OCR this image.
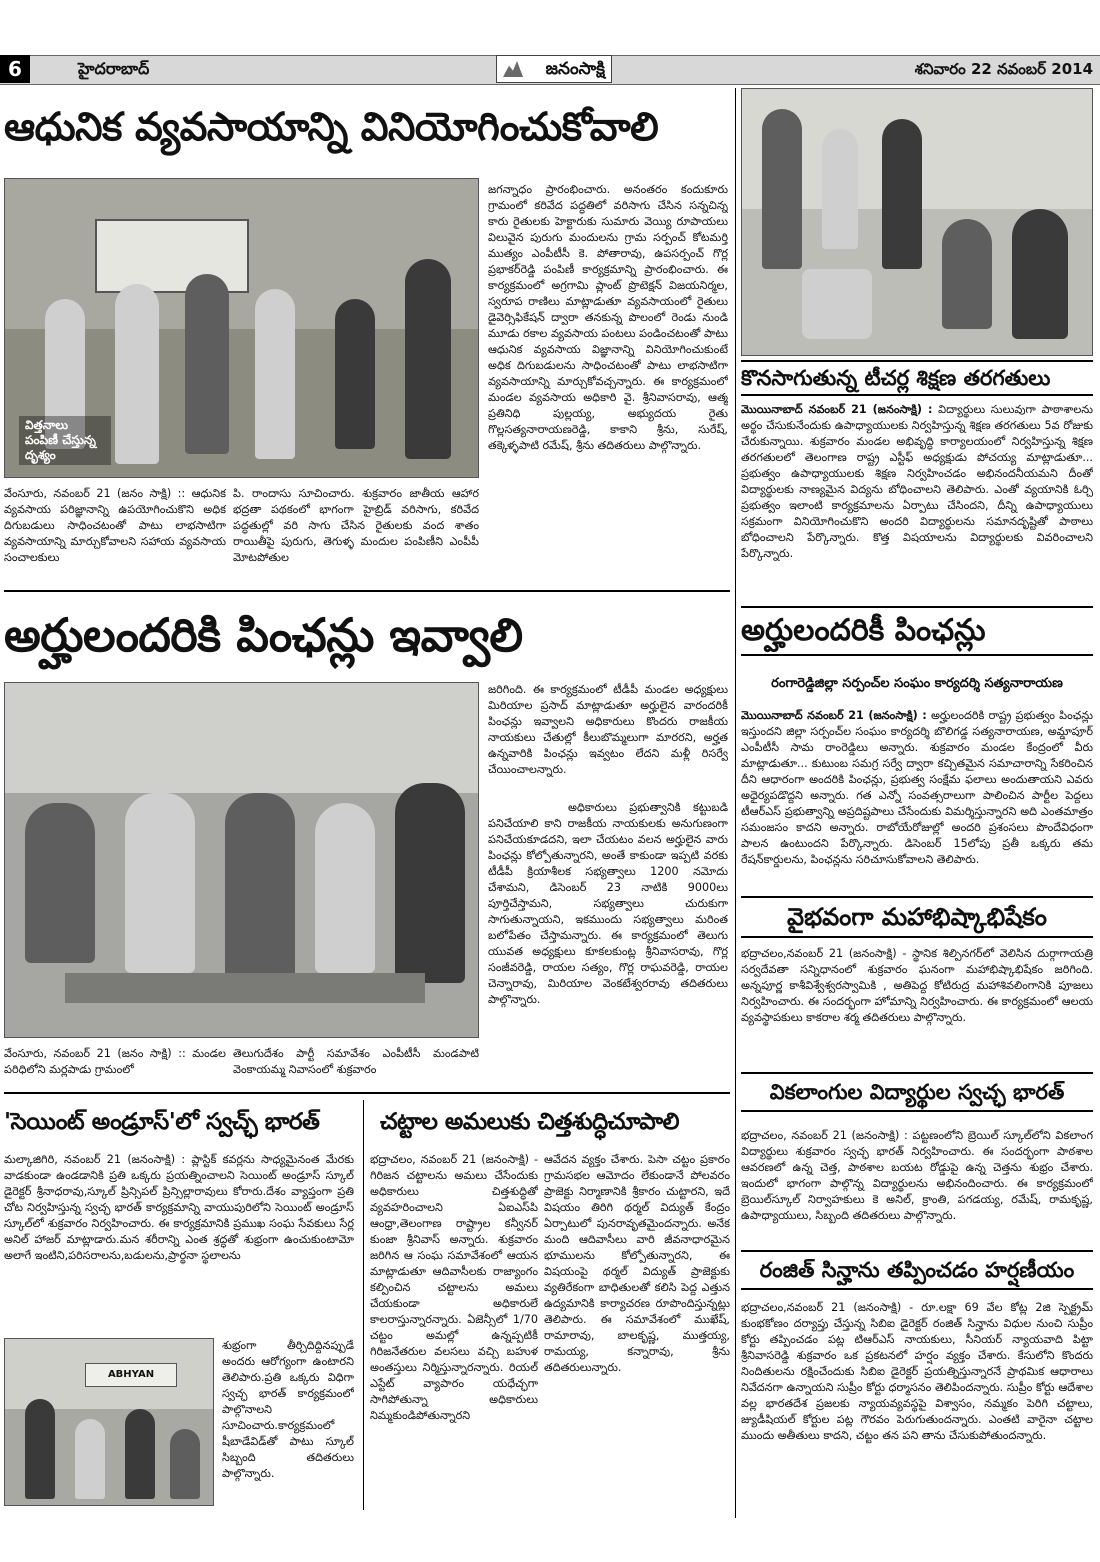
6	హైదరాబాద్	జనంసాక్షి	శనివారం 22 నవంబర్ 2014
ఆధునిక వ్యవసాయాన్ని వినియోగించుకోవాలి
విత్తనాలు పంపిణీ చేస్తున్న దృశ్యం
వేంసూరు, నవంబర్ 21 (జనం సాక్షి) :: ఆధునిక వ్యవసాయ పరిజ్ఞానాన్ని ఉపయోగించుకొని అధిక దిగుబడులు సాధించటంతో పాటు లాభసాటిగా వ్యవసాయాన్ని మార్చుకోవాలని సహాయ వ్యవసాయ సంచాలకులు
పి. రాందాసు సూచించారు. శుక్రవారం జాతీయ ఆహార భద్రతా పథకంలో భాగంగా హైబ్రిడ్ వరిసాగు, కరివేద పద్ధతుల్లో వరి సాగు చేసిన రైతులకు వంద శాతం రాయితీపై పురుగు, తెగుళ్ళ మందుల పంపిణీని ఎంపీపీ మోటపోతుల
జగన్నాధం ప్రారంభించారు. అనంతరం కందుకూరు గ్రామంలో కరివేద పద్ధతిలో వరిసాగు చేసిన సన్నచిన్న కారు రైతులకు హెక్టారుకు సుమారు వెయ్యి రూపాయలు విలువైన పురుగు మందులను గ్రామ సర్పంచ్ కోటమర్తి ముత్యం ఎంపీటీసీ కె. పోతారావు, ఉపసర్పంచ్ గొర్ల ప్రభాకర్‌రెడ్డి పంపిణీ కార్యక్రమాన్ని ప్రారంభించారు. ఈ కార్యక్రమంలో అగ్రగామి ప్లాంట్ ప్రొటెక్షన్ విజయనిర్మల, స్వరూప రాణిలు మాట్లాడుతూ వ్యవసాయంలో రైతులు డైవెర్సిఫికేషన్ ద్వారా తనకున్న పొలంలో రెండు నుండి మూడు రకాల వ్యవసాయ పంటలు పండించటంతో పాటు ఆధునిక వ్యవసాయ విజ్ఞానాన్ని వినియోగించుకుంటే అధిక దిగుబడులను సాధించటంతో పాటు లాభసాటిగా వ్యవసాయాన్ని మార్చుకోవచ్చన్నారు. ఈ కార్యక్రమంలో మండల వ్యవసాయ అధికారి వై. శ్రీనివాసరావు, ఆత్మ ప్రతినిధి పుల్లయ్య, అభ్యుదయ రైతు గొల్లసత్యనారాయణరెడ్డి, కాకాని శ్రీను, సురేష్, తక్కెళ్ళపాటి రమేష్, శ్రీను తదితరులు పాల్గొన్నారు.
కొనసాగుతున్న టీచర్ల శిక్షణ తరగతులు
మొయినాబాద్‌ నవంబర్ 21 (జనంసాక్షి) : విద్యార్థులు సులువుగా పాఠాశాలను అర్థం చేసుకునేందుకు ఉపాధ్యాయులకు నిర్వహిస్తున్న శిక్షణ తరగతులు 5వ రోజుకు చేరుకున్నాయి. శుక్రవారం మండల అభివృద్ధి కార్యాలయంలో నిర్వహిస్తున్న శిక్షణ తరగతులలో తెలంగాణ రాష్ట్ర ఎస్టీఫ్ అధ్యక్షుడు పోచయ్య మాట్లాడుతూ... ప్రభుత్వం ఉపాధ్యాయులకు శిక్షణ నిర్వహించడం అభినందనీయమని దీంతో విద్యార్థులకు నాణ్యమైన విద్యను బోధించాలని తెలిపారు. ఎంతో వ్యయానికి ఓర్చి ప్రభుత్వం ఇలాంటి కార్యక్రమాలను ఏర్పాటు చేసిందని, దీన్ని ఉపాధ్యాయులు సక్రమంగా వినియోగించుకొని అందరి విద్యార్థులను సమానదృష్టితో పాఠాలు బోధించాలని పేర్కొన్నారు. కొత్త విషయాలను విద్యార్థులకు వివరించాలని పేర్కొన్నారు.
అర్హులందరికీ పింఛన్లు
రంగారెడ్డిజిల్లా సర్పంచ్‌ల సంఘం కార్యదర్శి సత్యనారాయణ
మొయినాబాద్‌ నవంబర్ 21 (జనంసాక్షి) : అర్హులందరికి రాష్ట్ర ప్రభుత్వం పింఛన్లు ఇస్తుందని జిల్లా సర్పంచ్‌ల సంఘం కార్యదర్శి బొలిగడ్డ సత్యనారాయణ, అమ్డాపూర్ ఎంపీటీసీ సామ రాంరెడ్డిలు అన్నారు. శుక్రవారం మండల కేంద్రంలో వీరు మాట్లాడుతూ... కుటుంబ సమగ్ర సర్వే ద్వారా కచ్చితమైన సమాచారాన్ని సేకరించిన దీని ఆధారంగా అందరికి పింఛన్లు, ప్రభుత్వ సంక్షేమ ఫలాలు అందుతాయని ఎవరు అధైర్యపడొద్దని అన్నారు. గత ఎన్నో సంవత్సరాలుగా పాలించిన పార్టీల పెద్దలు టీఆర్ఎస్ ప్రభుత్వాన్ని అప్రదిష్టపాలు చేసేందుకు విమర్శిస్తున్నారని అది ఎంతమాత్రం సమంజసం కాదని అన్నారు. రాబోయేరోజుల్లో అందరి ప్రశంసలు పొందేవిధంగా పాలన ఉంటుందని పేర్కొన్నారు. డిసెంబర్ 15లోపు ప్రతీ ఒక్కరు తమ రేషన్‌కార్డులను, పింఛన్లను సరిచూసుకోవాలని తెలిపారు.
వైభవంగా మహాభిష్కాభిషేకం
భద్రాచలం,నవంబర్ 21 (జనంసాక్షి) - స్థానిక శిల్పినగర్‌లో వెలిసిన దుర్గాగాయత్రి సర్వదేవతా సన్నిధానంలో శుక్రవారం ఘనంగా మహాభిష్కాభిషేకం జరిగింది. అన్నపూర్ణ కాశీవిశ్వేశ్వరస్వామికి , అతిపెద్ద కోటిరుద్ర మహాశివలింగానికి పూజలు నిర్వహించారు. ఈ సందర్భంగా హోమాన్ని నిర్వహించారు. ఈ కార్యక్రమంలో ఆలయ వ్యవస్థాపకులు కాకరాల శర్మ తదితరులు పాల్గొన్నారు.
వికలాంగుల విద్యార్థుల స్వచ్ఛ భారత్
భద్రాచలం, నవంబర్ 21 (జనంసాక్షి) : పట్టణంలోని బ్రెయిల్ స్కూల్‌లోని వికలాంగ విద్యార్థులు శుక్రవారం స్వచ్ఛ భారత్ నిర్వహించారు. ఈ సందర్భంగా పాఠశాల ఆవరణలో ఉన్న చెత్త, పాఠశాల బయట రోడ్డుపై ఉన్న చెత్తను శుభ్రం చేశారు. ఇందులో భాగంగా పాల్గొన్న విద్యార్థులను అభినందించారు. ఈ కార్యక్రమంలో బ్రెయిల్‌స్కూల్ నిర్వాహకులు కె అనిల్, క్రాంతి, పగడయ్య, రమేష్, రామకృష్ణ, ఉపాధ్యాయులు, సిబ్బంది తదితరులు పాల్గొన్నారు.
రంజిత్ సిన్హాను తప్పించడం హర్షణీయం
భద్రాచలం,నవంబర్ 21 (జనంసాక్షి) - రూ.లక్షా 69 వేల కోట్ల 2జి స్పెక్ట్రమ్ కుంభకోణం దర్యాప్తు చేస్తున్న సిబిఐ డైరెక్టర్ రంజిత్ సిన్హాను విధుల నుంచి సుప్రీం కోర్టు తప్పించడం పట్ల టిఆర్ఎస్ నాయకులు, సీనియర్ న్యాయవాది పిట్టా శ్రీనివాసరెడ్డి శుక్రవారం ఒక ప్రకటనలో హర్షం వ్యక్తం చేశారు. కేసులోని కొందరు నిందితులను రక్షించేందుకు సిబిఐ డైరెక్టర్ ప్రయత్నిస్తున్నారనే ప్రాథమిక ఆధారాలు నివేదనగా ఉన్నాయని సుప్రీం కోర్టు ధర్మాసనం తెలిపిందన్నారు. సుప్రీం కోర్టు ఆదేశాల వల్ల భారతదేశ ప్రజలకు న్యాయవ్యవస్థపై విశ్వాసం, నమ్మకం పెరిగి చట్టాలు, జ్యుడీషియల్ కోర్టుల పట్ల గౌరవం పెరుగుతుందన్నారు. ఎంతటి వారైనా చట్టాల ముందు అతీతులు కాదని, చట్టం తన పని తాను చేసుకుపోతుందన్నారు.
అర్హులందరికి పింఛన్లు ఇవ్వాలి
వేంసూరు, నవంబర్ 21 (జనం సాక్షి) :: మండల పరిధిలోని మర్లపాడు గ్రామంలో
తెలుగుదేశం పార్టీ సమావేశం ఎంపీటీసీ మండపాటి వెంకాయమ్మ నివాసంలో శుక్రవారం
జరిగింది. ఈ కార్యక్రమంలో టీడీపీ మండల అధ్యక్షులు మిరియాల ప్రసాద్ మాట్లాడుతూ అర్హులైన వారందరికీ పింఛన్లు ఇవ్వాలని అధికారులు కొందరు రాజకీయ నాయకులు చేతుల్లో కీలుబొమ్మలుగా మారరని, అర్హత ఉన్నవారికి పింఛన్లు ఇవ్వటం లేదని మళ్లీ రిసర్వే చేయించాలన్నారు.
అధికారులు ప్రభుత్వానికి కట్టుబడి పనిచేయాలి కాని రాజకీయ నాయకులకు అనుగుణంగా పనిచేయకూడదని, ఇలా చేయటం వలన అర్హులైన వారు పింఛన్లు కోల్పోతున్నారని, అంతే కాకుండా ఇప్పటి వరకు టీడీపీ క్రియాశీలక సభ్యత్వాలు 1200 నమోదు చేశామని, డిసెంబర్ 23 నాటికి 9000లు పూర్తిచేస్తామని, సభ్యత్వాలు చురుకుగా సాగుతున్నాయని, ఇకముందు సభ్యత్వాలు మరింత బలోపేతం చేస్తామన్నారు. ఈ కార్యక్రమంలో తెలుగు యువత అధ్యక్షులు కూకలకుంట్ల శ్రీనివాసరావు, గొర్ల సంజీవరెడ్డి, రాయల సత్యం, గొర్ల రాఘవరెడ్డి, రాయల చెన్నారావు, మిరియాల వెంకటేశ్వరరావు తదితరులు పాల్గొన్నారు.
'సెయింట్ అండ్రూస్'లో స్వచ్ఛ్ భారత్	చట్టాల అమలుకు చిత్తశుద్ధిచూపాలి
మల్కాజిగిరి, నవంబర్ 21 (జనంసాక్షి) : ప్లాస్టిక్ కవర్లను సాధ్యమైనంత మేరకు వాడకుండా ఉండడానికి ప్రతి ఒక్కరు ప్రయత్నించాలని సెయింట్ అండ్రూస్ స్కూల్ డైరెక్టర్ శ్రీనాధరావు,స్కూల్ ప్రిన్సిపల్ ప్రిన్సిల్లారావులు కోరారు.దేశం వ్యాప్తంగా ప్రతి చోట నిర్వహిస్తున్న స్వచ్ఛ భారత్ కార్యక్రమాన్ని వాయుపురిలోని సెయింట్ అండ్రూస్ స్కూల్‌లో శుక్రవారం నిర్వహించారు. ఈ కార్యక్రమానికి ప్రముఖ సంఘ సేవకులు సేర్ల అనిల్ హాజర్ మాట్లాడారు.మన శరీరాన్ని ఎంత శ్రద్ధతో శుభ్రంగా ఉంచుకుంటామో అలాగే ఇంటిని,పరిసరాలను,బడులను,ప్రార్థనా స్థలాలను
ABHYAN
శుభ్రంగా తీర్చిదిద్దినప్పుడే అందరు ఆరోగ్యంగా ఉంటారని తెలిపారు.ప్రతి ఒక్కరు విధిగా స్వచ్ఛ భారత్ కార్యక్రమంలో పాల్గొనాలని సూచించారు.కార్యక్రమంలో షీబాడేవిడ్‌తో పాటు స్కూల్ సిబ్బంది తదితరులు పాల్గొన్నారు.
భద్రాచలం, నవంబర్ 21 (జనంసాక్షి) - గిరిజన చట్టాలను అమలు చేసేందుకు అధికారులు చిత్తశుద్ధితో వ్యవహరించాలని ఏఐఎస్‌పి ఆంధ్రా,తెలంగాణ రాష్ట్రాల కన్వీనర్ కుంజా శ్రీనివాస్ అన్నారు. శుక్రవారం జరిగిన ఆ సంఘ సమావేశంలో ఆయన మాట్లాడుతూ ఆదివాసీలకు రాజ్యాంగం కల్పించిన చట్టాలను అమలు చేయకుండా అధికారులే కాలరాస్తున్నారన్నారు. ఏజెన్సీలో 1/70 చట్టం అమల్లో ఉన్నప్పటికీ గిరిజనేతరుల వలసలు వచ్చి బహుళ అంతస్తులు నిర్మిస్తున్నారన్నారు. రియల్ ఎస్టేట్ వ్యాపారం యధేచ్ఛగా సాగిపోతున్నా అధికారులు నిమ్మకుండిపోతున్నారని
ఆవేదన వ్యక్తం చేశారు. పెసా చట్టం ప్రకారం గ్రామసభల ఆమోదం లేకుండానే పోలవరం ప్రాజెక్టు నిర్మాణానికి శ్రీకారం చుట్టారని, ఇదే విషయం తిరిగి థర్మల్ విద్యుత్ కేంద్రం ఏర్పాటులో పునరావృతమైందన్నారు. అనేక మంది ఆదివాసీలు వారి జీవనాధారమైన భూములను కోల్పోతున్నారని, ఈ విషయంపై థర్మల్ విద్యుత్ ప్రాజెక్టుకు వ్యతిరేకంగా బాధితులతో కలిసి పెద్ద ఎత్తున ఉద్యమానికి కార్యాచరణ రూపొందిస్తున్నట్లు తెలిపారు. ఈ సమావేశంలో ముఖేష్, రామారావు, బాలకృష్ణ, ముత్తయ్య, రామయ్య, కన్నారావు, శ్రీను తదితరులున్నారు.
